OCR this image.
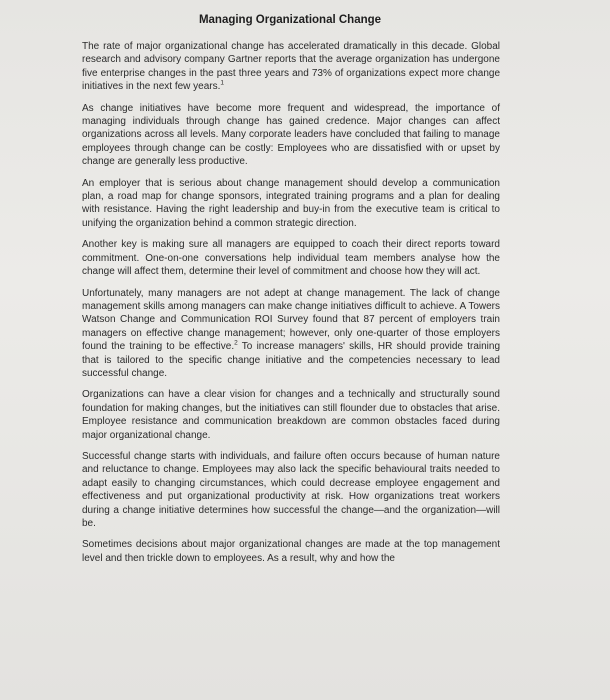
Managing Organizational Change

The rate of major organizational change has accelerated dramatically in this decade. Global research and advisory company Gartner reports that the average organization has undergone five enterprise changes in the past three years and 73% of organizations expect more change initiatives in the next few years.$^1$

As change initiatives have become more frequent and widespread, the importance of managing individuals through change has gained credence. Major changes can affect organizations across all levels. Many corporate leaders have concluded that failing to manage employees through change can be costly: Employees who are dissatisfied with or upset by change are generally less productive.

An employer that is serious about change management should develop a communication plan, a road map for change sponsors, integrated training programs and a plan for dealing with resistance. Having the right leadership and buy-in from the executive team is critical to unifying the organization behind a common strategic direction.

Another key is making sure all managers are equipped to coach their direct reports toward commitment. One-on-one conversations help individual team members analyse how the change will affect them, determine their level of commitment and choose how they will act.

Unfortunately, many managers are not adept at change management. The lack of change management skills among managers can make change initiatives difficult to achieve. A Towers Watson Change and Communication ROI Survey found that 87 percent of employers train managers on effective change management; however, only one-quarter of those employers found the training to be effective.$^2$ To increase managers' skills, HR should provide training that is tailored to the specific change initiative and the competencies necessary to lead successful change.

Organizations can have a clear vision for changes and a technically and structurally sound foundation for making changes, but the initiatives can still flounder due to obstacles that arise. Employee resistance and communication breakdown are common obstacles faced during major organizational change.

Successful change starts with individuals, and failure often occurs because of human nature and reluctance to change. Employees may also lack the specific behavioural traits needed to adapt easily to changing circumstances, which could decrease employee engagement and effectiveness and put organizational productivity at risk. How organizations treat workers during a change initiative determines how successful the change—and the organization—will be.

Sometimes decisions about major organizational changes are made at the top management level and then trickle down to employees. As a result, why and how the
